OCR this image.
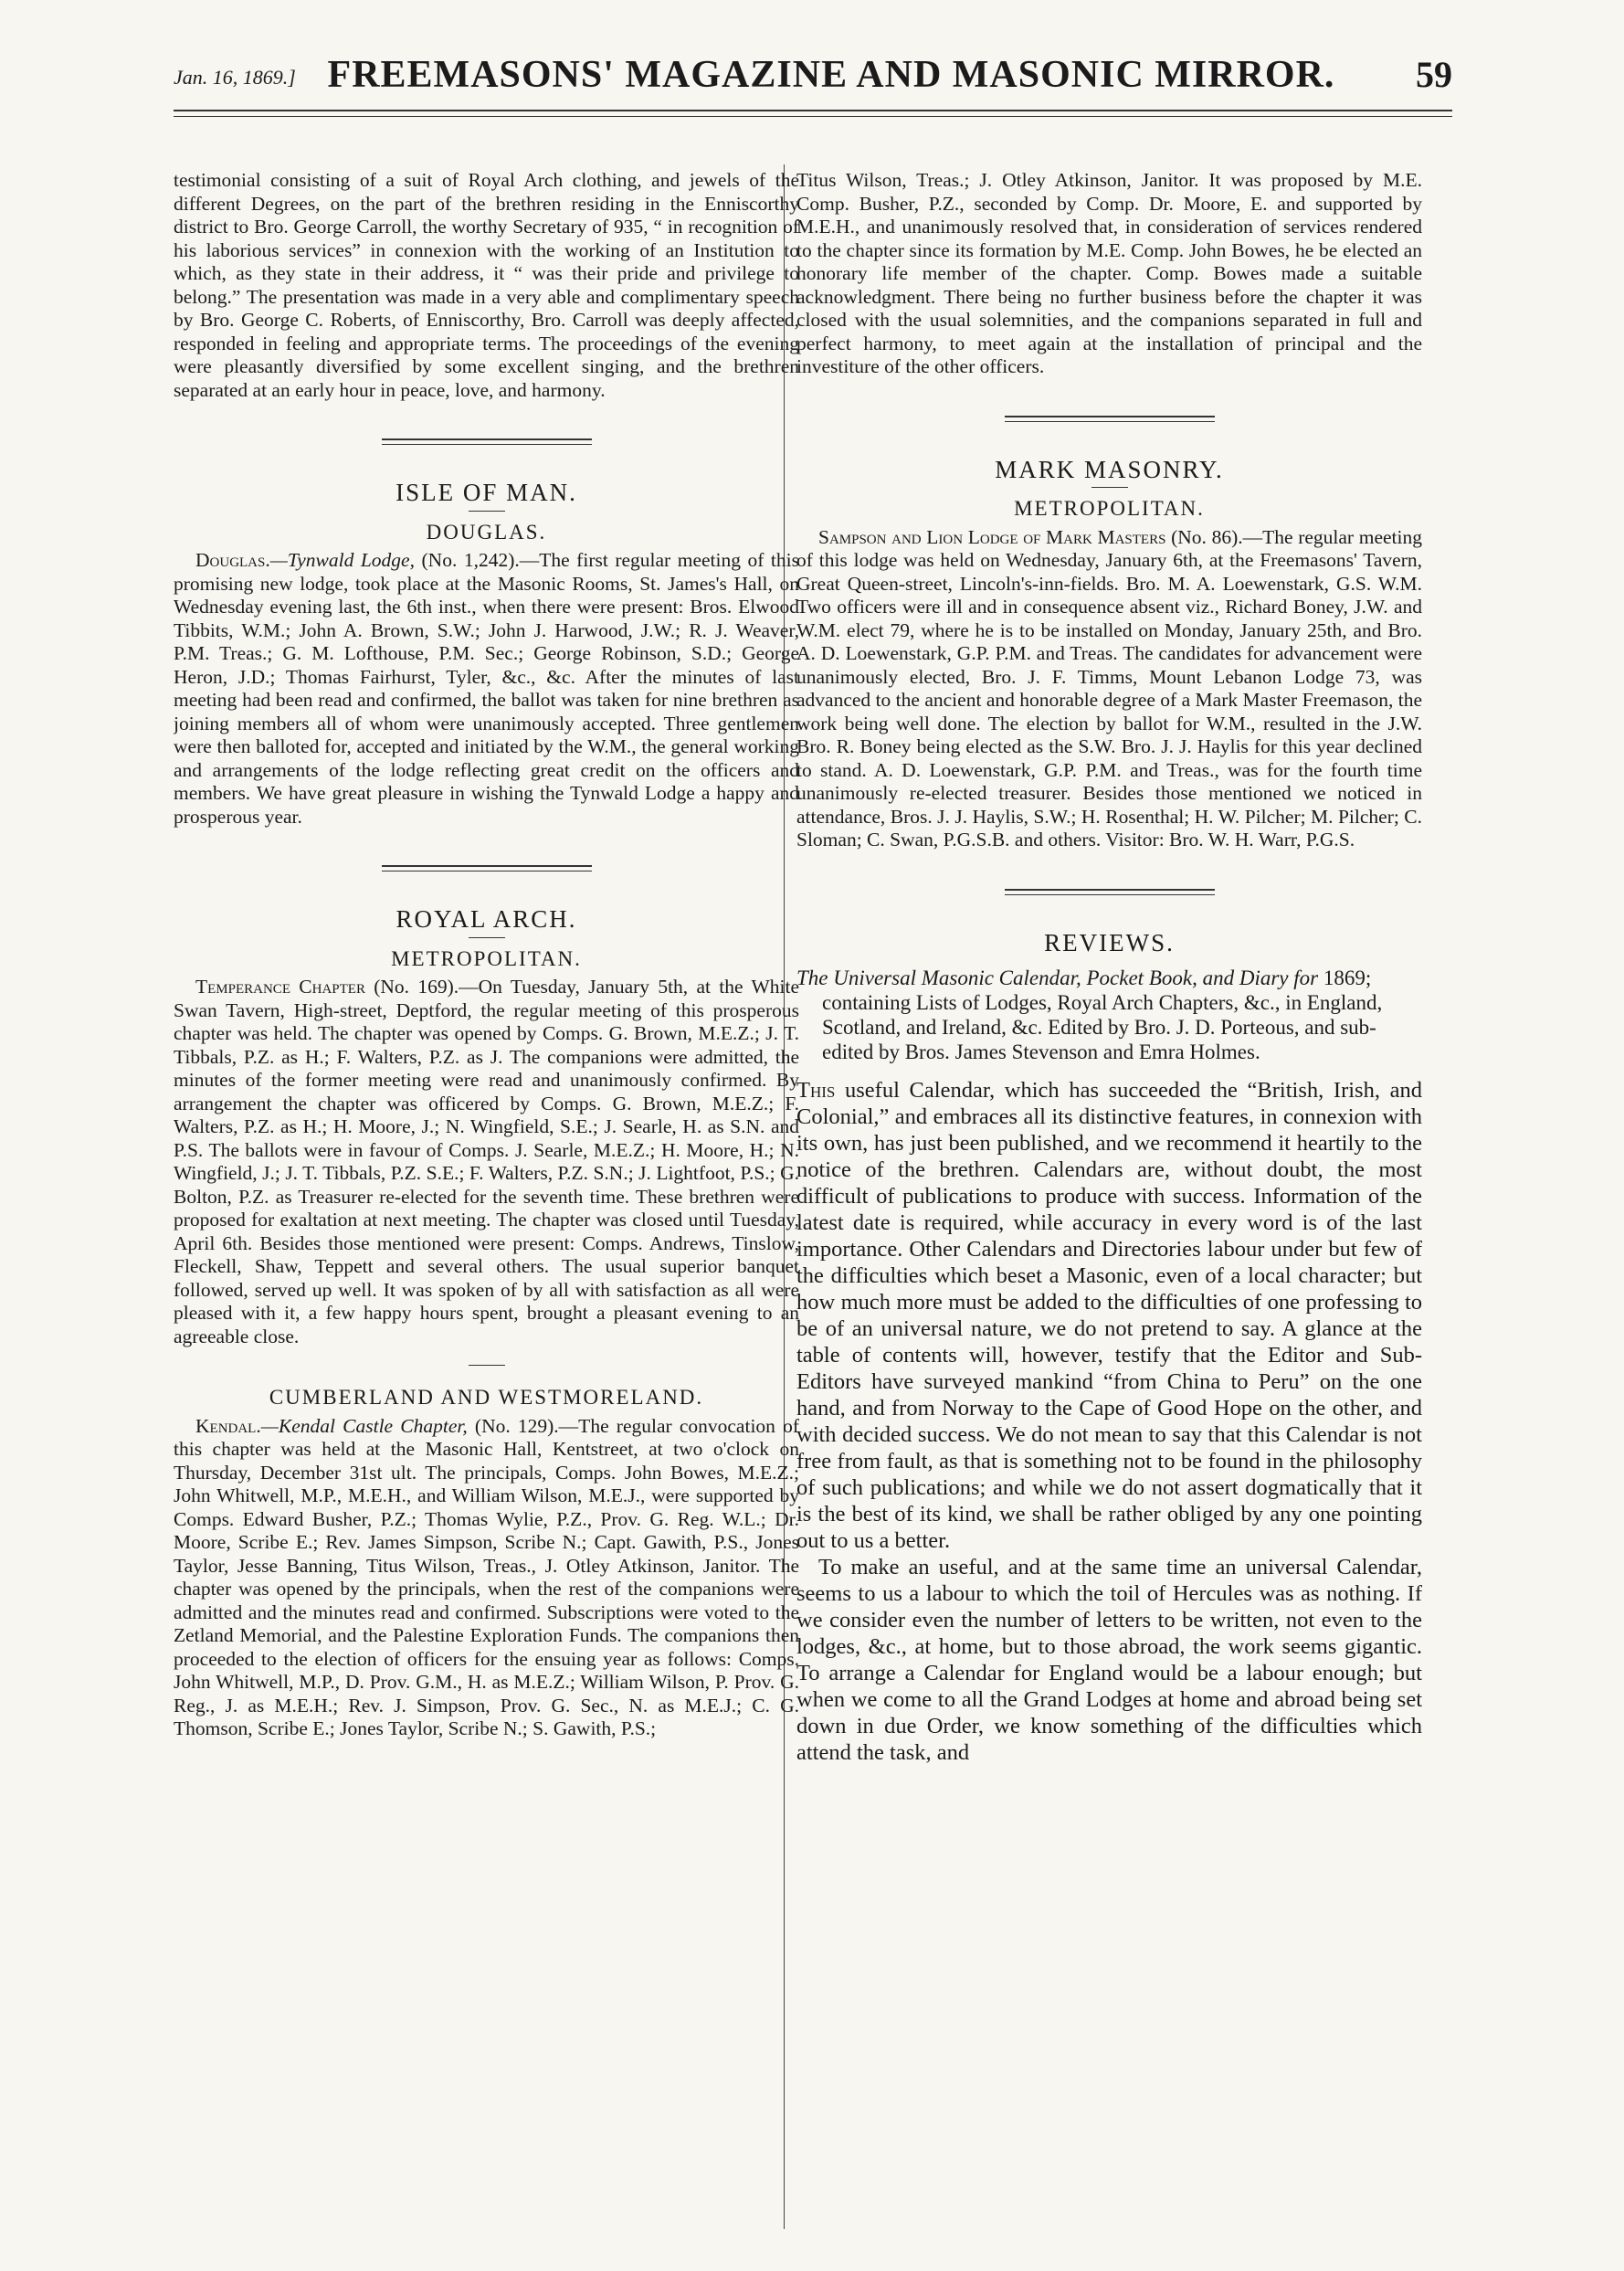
Jan. 16, 1869.] FREEMASONS' MAGAZINE AND MASONIC MIRROR.	59

testimonial consisting of a suit of Royal Arch clothing, and jewels of the different Degrees, on the part of the brethren residing in the Enniscorthy district to Bro. George Carroll, the worthy Secretary of 935, “ in recognition of his laborious services” in connexion with the working of an Institution to which, as they state in their address, it “ was their pride and privilege to belong.” The presentation was made in a very able and complimentary speech by Bro. George C. Roberts, of Enniscorthy, Bro. Carroll was deeply affected, responded in feeling and appropriate terms. The proceedings of the evening were pleasantly diversified by some excellent singing, and the brethren separated at an early hour in peace, love, and harmony.

ISLE OF MAN.
DOUGLAS.

Douglas.—Tynwald Lodge, (No. 1,242).—The first regular meeting of this promising new lodge, took place at the Masonic Rooms, St. James's Hall, on Wednesday evening last, the 6th inst., when there were present: Bros. Elwood Tibbits, W.M.; John A. Brown, S.W.; John J. Harwood, J.W.; R. J. Weaver, P.M. Treas.; G. M. Lofthouse, P.M. Sec.; George Robinson, S.D.; George Heron, J.D.; Thomas Fairhurst, Tyler, &c., &c. After the minutes of last meeting had been read and confirmed, the ballot was taken for nine brethren as joining members all of whom were unanimously accepted. Three gentlemen were then balloted for, accepted and initiated by the W.M., the general working and arrangements of the lodge reflecting great credit on the officers and members. We have great pleasure in wishing the Tynwald Lodge a happy and prosperous year.

ROYAL ARCH.
METROPOLITAN.

Temperance Chapter (No. 169).—On Tuesday, January 5th, at the White Swan Tavern, High-street, Deptford, the regular meeting of this prosperous chapter was held. The chapter was opened by Comps. G. Brown, M.E.Z.; J. T. Tibbals, P.Z. as H.; F. Walters, P.Z. as J. The companions were admitted, the minutes of the former meeting were read and unanimously confirmed. By arrangement the chapter was officered by Comps. G. Brown, M.E.Z.; F. Walters, P.Z. as H.; H. Moore, J.; N. Wingfield, S.E.; J. Searle, H. as S.N. and P.S. The ballots were in favour of Comps. J. Searle, M.E.Z.; H. Moore, H.; N. Wingfield, J.; J. T. Tibbals, P.Z. S.E.; F. Walters, P.Z. S.N.; J. Lightfoot, P.S.; G. Bolton, P.Z. as Treasurer re-elected for the seventh time. These brethren were proposed for exaltation at next meeting. The chapter was closed until Tuesday, April 6th. Besides those mentioned were present: Comps. Andrews, Tinslow, Fleckell, Shaw, Teppett and several others. The usual superior banquet followed, served up well. It was spoken of by all with satisfaction as all were pleased with it, a few happy hours spent, brought a pleasant evening to an agreeable close.

CUMBERLAND AND WESTMORELAND.

Kendal.—Kendal Castle Chapter, (No. 129).—The regular convocation of this chapter was held at the Masonic Hall, Kentstreet, at two o'clock on Thursday, December 31st ult. The principals, Comps. John Bowes, M.E.Z.; John Whitwell, M.P., M.E.H., and William Wilson, M.E.J., were supported by Comps. Edward Busher, P.Z.; Thomas Wylie, P.Z., Prov. G. Reg. W.L.; Dr. Moore, Scribe E.; Rev. James Simpson, Scribe N.; Capt. Gawith, P.S., Jones Taylor, Jesse Banning, Titus Wilson, Treas., J. Otley Atkinson, Janitor. The chapter was opened by the principals, when the rest of the companions were admitted and the minutes read and confirmed. Subscriptions were voted to the Zetland Memorial, and the Palestine Exploration Funds. The companions then proceeded to the election of officers for the ensuing year as follows: Comps. John Whitwell, M.P., D. Prov. G.M., H. as M.E.Z.; William Wilson, P. Prov. G. Reg., J. as M.E.H.; Rev. J. Simpson, Prov. G. Sec., N. as M.E.J.; C. G. Thomson, Scribe E.; Jones Taylor, Scribe N.; S. Gawith, P.S.;

Titus Wilson, Treas.; J. Otley Atkinson, Janitor. It was proposed by M.E. Comp. Busher, P.Z., seconded by Comp. Dr. Moore, E. and supported by M.E.H., and unanimously resolved that, in consideration of services rendered to the chapter since its formation by M.E. Comp. John Bowes, he be elected an honorary life member of the chapter. Comp. Bowes made a suitable acknowledgment. There being no further business before the chapter it was closed with the usual solemnities, and the companions separated in full and perfect harmony, to meet again at the installation of principal and the investiture of the other officers.

MARK MASONRY.
METROPOLITAN.

Sampson and Lion Lodge of Mark Masters (No. 86).—The regular meeting of this lodge was held on Wednesday, January 6th, at the Freemasons' Tavern, Great Queen-street, Lincoln's-inn-fields. Bro. M. A. Loewenstark, G.S. W.M. Two officers were ill and in consequence absent viz., Richard Boney, J.W. and W.M. elect 79, where he is to be installed on Monday, January 25th, and Bro. A. D. Loewenstark, G.P. P.M. and Treas. The candidates for advancement were unanimously elected, Bro. J. F. Timms, Mount Lebanon Lodge 73, was advanced to the ancient and honorable degree of a Mark Master Freemason, the work being well done. The election by ballot for W.M., resulted in the J.W. Bro. R. Boney being elected as the S.W. Bro. J. J. Haylis for this year declined to stand. A. D. Loewenstark, G.P. P.M. and Treas., was for the fourth time unanimously re-elected treasurer. Besides those mentioned we noticed in attendance, Bros. J. J. Haylis, S.W.; H. Rosenthal; H. W. Pilcher; M. Pilcher; C. Sloman; C. Swan, P.G.S.B. and others. Visitor: Bro. W. H. Warr, P.G.S.

REVIEWS.
The Universal Masonic Calendar, Pocket Book, and Diary for 1869; containing Lists of Lodges, Royal Arch Chapters, &c., in England, Scotland, and Ireland, &c. Edited by Bro. J. D. Porteous, and sub-edited by Bros. James Stevenson and Emra Holmes.

This useful Calendar, which has succeeded the “British, Irish, and Colonial,” and embraces all its distinctive features, in connexion with its own, has just been published, and we recommend it heartily to the notice of the brethren. Calendars are, without doubt, the most difficult of publications to produce with success. Information of the latest date is required, while accuracy in every word is of the last importance. Other Calendars and Directories labour under but few of the difficulties which beset a Masonic, even of a local character; but how much more must be added to the difficulties of one professing to be of an universal nature, we do not pretend to say. A glance at the table of contents will, however, testify that the Editor and Sub-Editors have surveyed mankind “from China to Peru” on the one hand, and from Norway to the Cape of Good Hope on the other, and with decided success. We do not mean to say that this Calendar is not free from fault, as that is something not to be found in the philosophy of such publications; and while we do not assert dogmatically that it is the best of its kind, we shall be rather obliged by any one pointing out to us a better.

To make an useful, and at the same time an universal Calendar, seems to us a labour to which the toil of Hercules was as nothing. If we consider even the number of letters to be written, not even to the lodges, &c., at home, but to those abroad, the work seems gigantic. To arrange a Calendar for England would be a labour enough; but when we come to all the Grand Lodges at home and abroad being set down in due Order, we know something of the difficulties which attend the task, and
